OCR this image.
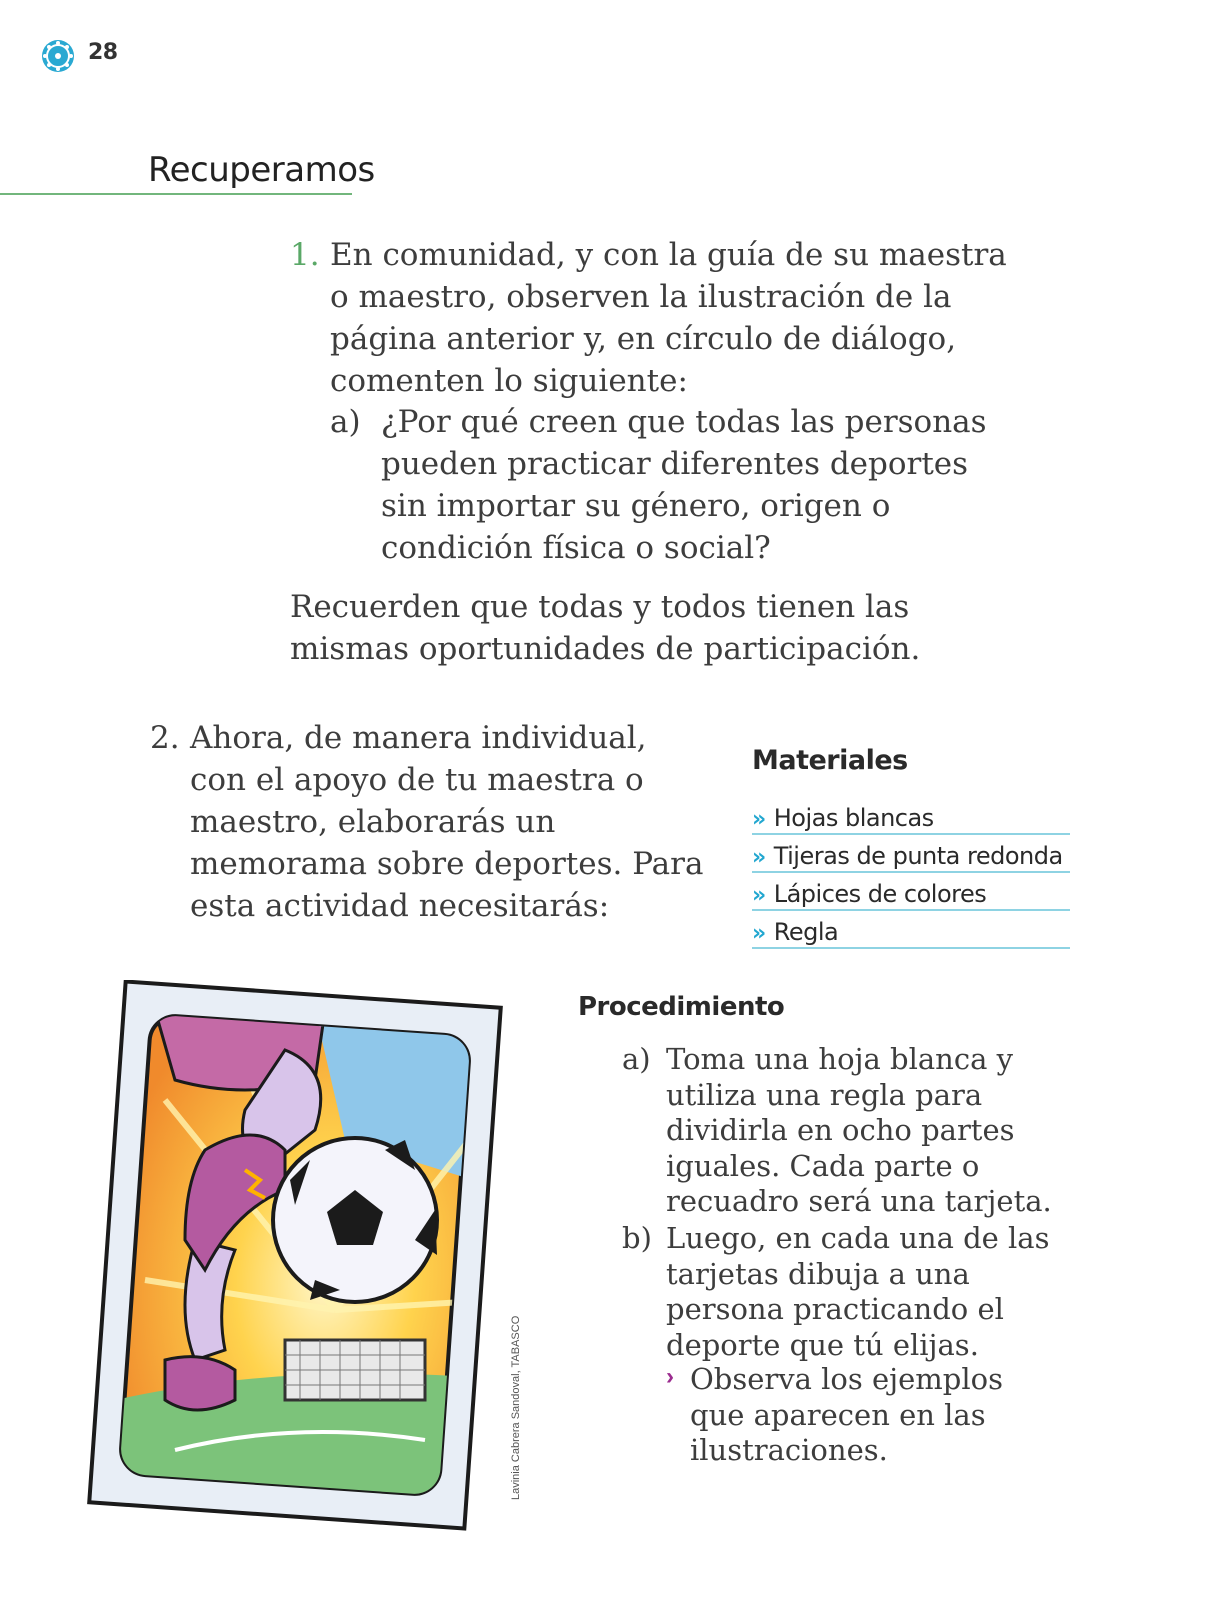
28
Recuperamos
1. En comunidad, y con la guía de su maestra o maestro, observen la ilustración de la página anterior y, en círculo de diálogo, comenten lo siguiente:
a) ¿Por qué creen que todas las personas pueden practicar diferentes deportes sin importar su género, origen o condición física o social?
Recuerden que todas y todos tienen las mismas oportunidades de participación.
2. Ahora, de manera individual, con el apoyo de tu maestra o maestro, elaborarás un memorama sobre deportes. Para esta actividad necesitarás:
Materiales
» Hojas blancas
» Tijeras de punta redonda
» Lápices de colores
» Regla
Lavinia Cabrera Sandoval, TABASCO
Procedimiento
a) Toma una hoja blanca y utiliza una regla para dividirla en ocho partes iguales. Cada parte o recuadro será una tarjeta.
b) Luego, en cada una de las tarjetas dibuja a una persona practicando el deporte que tú elijas.
› Observa los ejemplos que aparecen en las ilustraciones.
